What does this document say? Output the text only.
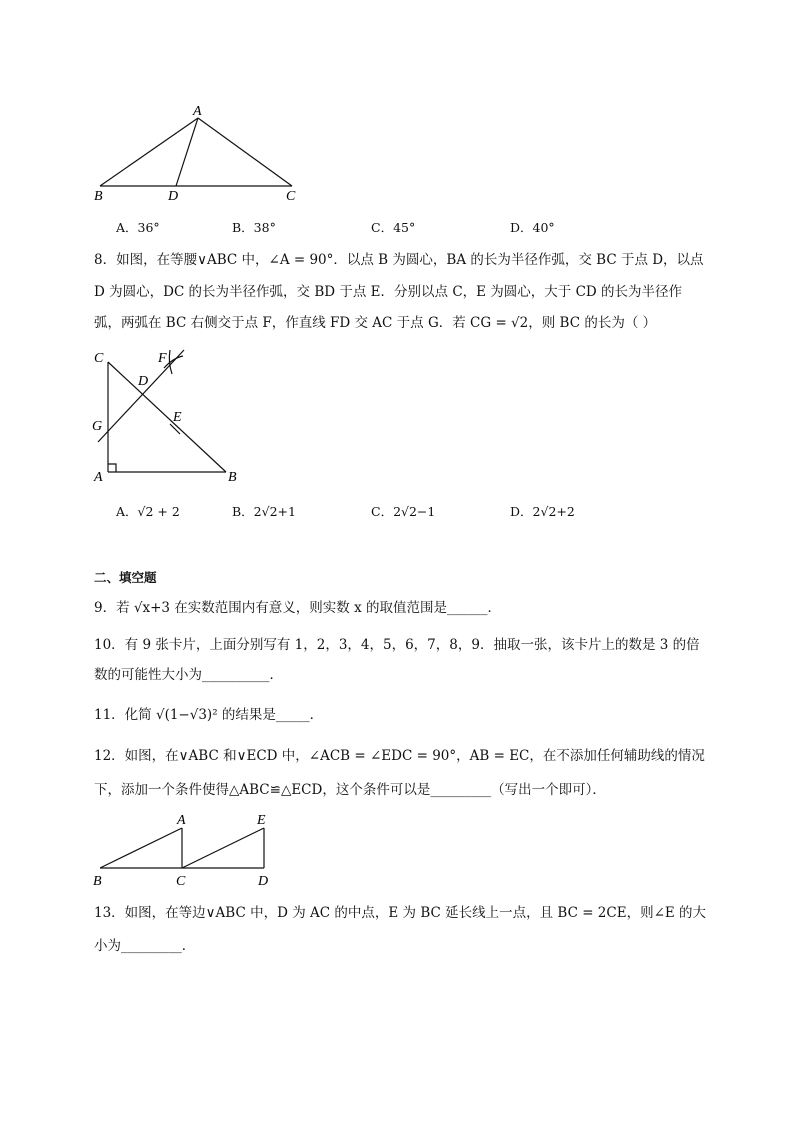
A
B	D	C
A．36°	B．38°	C．45°	D．40°
8．如图，在等腰∨ABC 中，∠A = 90°．以点 B 为圆心，BA 的长为半径作弧，交 BC 于点 D，以点
D 为圆心，DC 的长为半径作弧，交 BD 于点 E．分别以点 C，E 为圆心，大于 CD 的长为半径作
弧，两弧在 BC 右侧交于点 F，作直线 FD 交 AC 于点 G．若 CG = √2，则 BC 的长为（ ）
C	F
D
E
G
A	B
A．√2 + 2	B．2√2+1	C．2√2−1	D．2√2+2
二、填空题
9．若 √x+3 在实数范围内有意义，则实数 x 的取值范围是______．
10．有 9 张卡片，上面分别写有 1，2，3，4，5，6，7，8，9．抽取一张，该卡片上的数是 3 的倍
数的可能性大小为__________．
11．化简 √(1−√3)² 的结果是_____．
12．如图，在∨ABC 和∨ECD 中，∠ACB = ∠EDC = 90°，AB = EC，在不添加任何辅助线的情况
下，添加一个条件使得△ABC≌△ECD，这个条件可以是_________（写出一个即可）．
A	E
B	C	D
13．如图，在等边∨ABC 中，D 为 AC 的中点，E 为 BC 延长线上一点，且 BC = 2CE，则∠E 的大
小为_________．
